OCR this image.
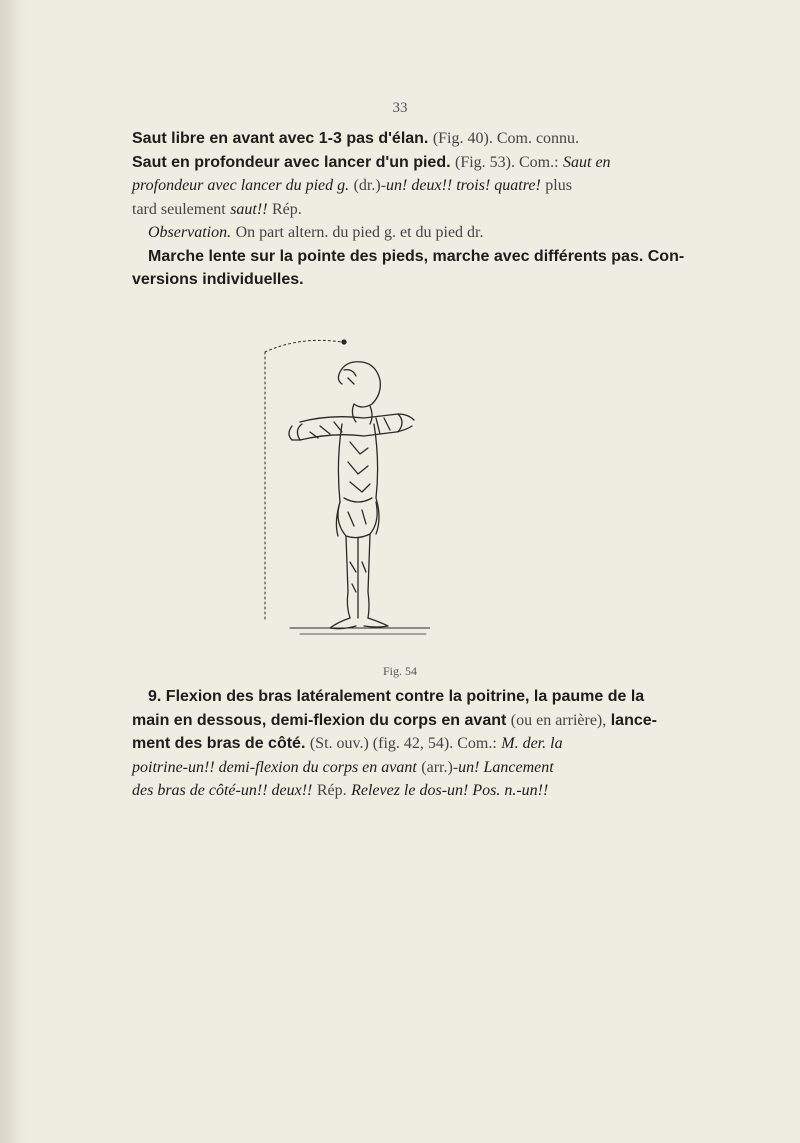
33
Saut libre en avant avec 1-3 pas d'élan. (Fig. 40). Com. connu.
Saut en profondeur avec lancer d'un pied. (Fig. 53). Com.: Saut en
profondeur avec lancer du pied g. (dr.)-un! deux!! trois! quatre! plus
tard seulement saut!! Rép.
Observation. On part altern. du pied g. et du pied dr.
Marche lente sur la pointe des pieds, marche avec différents pas. Con-
versions individuelles.
Fig. 54
9. Flexion des bras latéralement contre la poitrine, la paume de la
main en dessous, demi-flexion du corps en avant (ou en arrière), lance-
ment des bras de côté. (St. ouv.) (fig. 42, 54). Com.: M. der. la
poitrine-un!! demi-flexion du corps en avant (arr.)-un! Lancement
des bras de côté-un!! deux!! Rép. Relevez le dos-un! Pos. n.-un!!
